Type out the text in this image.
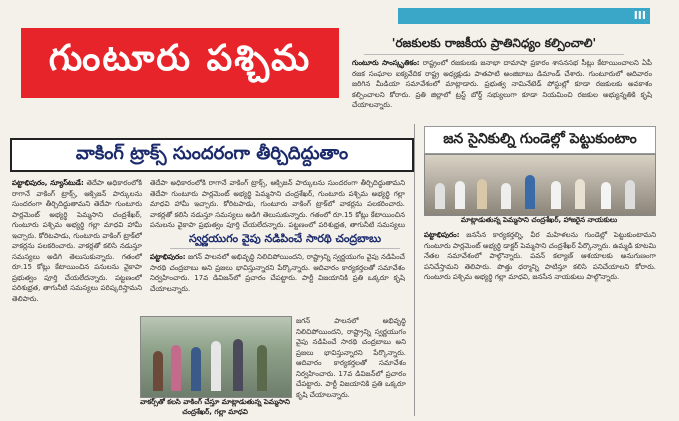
III
గుంటూరు పశ్చిమ	'రజకులకు రాజకీయ ప్రాతినిధ్యం కల్పించాలి'
గుంటూరు సాంస్కృతికం: రాష్ట్రంలో రజకులకు జనాభా దామాషా ప్రకారం శాసనసభ సీట్లు కేటాయించాలని ఏపీ రజక సంఘాల ఐక్యవేదిక రాష్ట్ర అధ్యక్షుడు పాతపాటి అంజిబాబు డిమాండ్ చేశారు. గుంటూరులో ఆదివారం జరిగిన మీడియా సమావేశంలో మాట్లాడారు. ప్రభుత్వ నామినేటెడ్ పోస్టుల్లో కూడా రజకులకు అవకాశం కల్పించాలని కోరారు. ప్రతి జిల్లాలో ట్రస్ట్ బోర్డ్ సభ్యులుగా కూడా నియమించి రజకుల అభ్యున్నతికి కృషి చేయాలన్నారు.
వాకింగ్ ట్రాక్స్ సుందరంగా తీర్చిదిద్దుతాం
పట్టాభిపురం, న్యూస్‌టుడే: తెదేపా అధికారంలోకి రాగానే వాకింగ్ ట్రాక్స్, ఆక్సిజన్ పార్కులను సుందరంగా తీర్చిదిద్దుతామని తెదేపా గుంటూరు పార్లమెంట్ అభ్యర్థి పెమ్మసాని చంద్రశేఖర్, గుంటూరు పశ్చిమ అభ్యర్థి గల్లా మాధవి హామీ ఇచ్చారు. కోరిటపాడు, గుంటూరు వాకింగ్ ట్రాక్‌లో వాకర్లను పలకరించారు. వాకర్లతో కలిసి నడుస్తూ సమస్యలు అడిగి తెలుసుకున్నారు. గతంలో రూ.15 కోట్లు కేటాయించిన పనులను వైకాపా ప్రభుత్వం పూర్తి చేయలేదన్నారు. పట్టణంలో పరిశుభ్రత, తాగునీటి సమస్యలు పరిష్కరిస్తామని తెలిపారు.
తెదేపా అధికారంలోకి రాగానే వాకింగ్ ట్రాక్స్, ఆక్సిజన్ పార్కులను సుందరంగా తీర్చిదిద్దుతామని తెదేపా గుంటూరు పార్లమెంట్ అభ్యర్థి పెమ్మసాని చంద్రశేఖర్, గుంటూరు పశ్చిమ అభ్యర్థి గల్లా మాధవి హామీ ఇచ్చారు. కోరిటపాడు, గుంటూరు వాకింగ్ ట్రాక్‌లో వాకర్లను పలకరించారు. వాకర్లతో కలిసి నడుస్తూ సమస్యలు అడిగి తెలుసుకున్నారు. గతంలో రూ.15 కోట్లు కేటాయించిన పనులను వైకాపా ప్రభుత్వం పూర్తి చేయలేదన్నారు. పట్టణంలో పరిశుభ్రత, తాగునీటి సమస్యలు
స్వర్ణయుగం వైపు నడిపించే సారథి చంద్రబాబు
పట్టాభిపురం: జగన్ పాలనలో అభివృద్ధి నిలిచిపోయిందని, రాష్ట్రాన్ని స్వర్ణయుగం వైపు నడిపించే సారథి చంద్రబాబు అని ప్రజలు భావిస్తున్నారని పేర్కొన్నారు. ఆదివారం కార్యకర్తలతో సమావేశం నిర్వహించారు. 17వ డివిజన్‌లో ప్రచారం చేపట్టారు. పార్టీ విజయానికి ప్రతి ఒక్కరూ కృషి చేయాలన్నారు.
వాకర్స్‌తో కలసి వాకింగ్ చేస్తూ మాట్లాడుతున్న పెమ్మసాని చంద్రశేఖర్, గల్లా మాధవి
జగన్ పాలనలో అభివృద్ధి నిలిచిపోయిందని, రాష్ట్రాన్ని స్వర్ణయుగం వైపు నడిపించే సారథి చంద్రబాబు అని ప్రజలు భావిస్తున్నారని పేర్కొన్నారు. ఆదివారం కార్యకర్తలతో సమావేశం నిర్వహించారు. 17వ డివిజన్‌లో ప్రచారం చేపట్టారు. పార్టీ విజయానికి ప్రతి ఒక్కరూ కృషి చేయాలన్నారు.
జన సైనికుల్ని గుండెల్లో పెట్టుకుంటాం
మాట్లాడుతున్న పెమ్మసాని చంద్రశేఖర్, హాజరైన నాయకులు
పట్టాభిపురం: జనసేన కార్యకర్తల్ని, వీర మహిళలను గుండెల్లో పెట్టుకుంటామని గుంటూరు పార్లమెంట్ అభ్యర్థి డాక్టర్ పెమ్మసాని చంద్రశేఖర్ పేర్కొన్నారు. ఉమ్మడి కూటమి నేతల సమావేశంలో పాల్గొన్నారు. పవన్ కల్యాణ్ ఆశయాలకు అనుగుణంగా పనిచేస్తామని తెలిపారు. పొత్తు ధర్మాన్ని పాటిస్తూ కలిసి పనిచేయాలని కోరారు. గుంటూరు పశ్చిమ అభ్యర్థి గల్లా మాధవి, జనసేన నాయకులు పాల్గొన్నారు.
